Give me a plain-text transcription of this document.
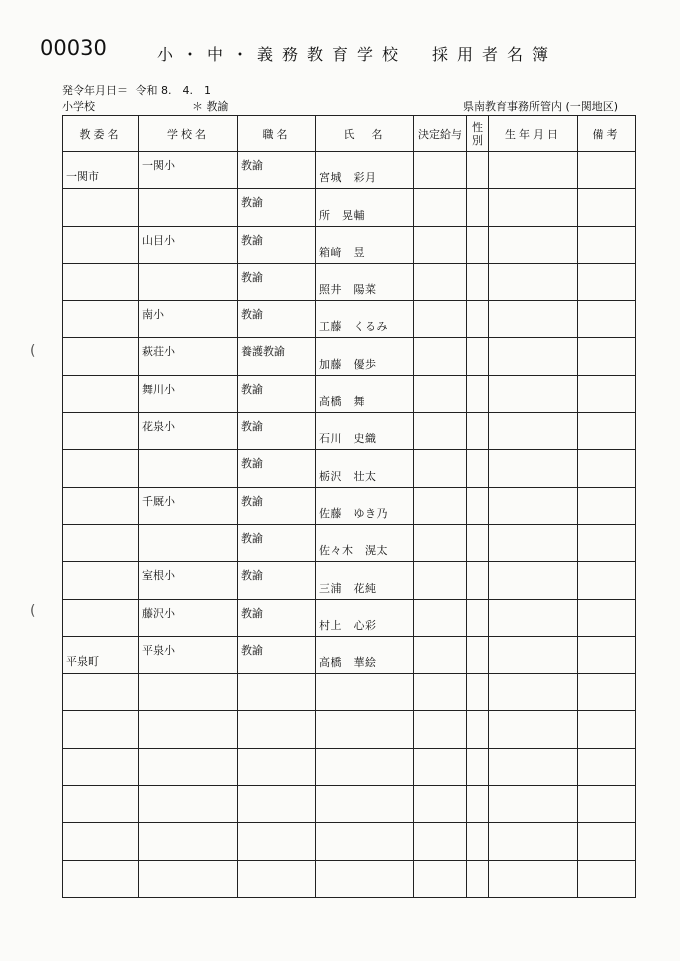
00030	小・中・義務教育学校　採用者名簿
発令年月日＝ 令和 8.　4.　1
小学校	＊ 教諭	県南教育事務所管内 (一関地区)
(
(
教委名	学校名	職名	氏　名	決定給与	性別	生年月日	備考

一関市	一関小	教諭	宮城　彩月				

		教諭	所　晃輔				

	山目小	教諭	箱﨑　昱				

		教諭	照井　陽菜				

	南小	教諭	工藤　くるみ				

	萩荘小	養護教諭	加藤　優歩				

	舞川小	教諭	高橋　舞				

	花泉小	教諭	石川　史織				

		教諭	栃沢　壮太				

	千厩小	教諭	佐藤　ゆき乃				

		教諭	佐々木　滉太				

	室根小	教諭	三浦　花純				

	藤沢小	教諭	村上　心彩				

平泉町	平泉小	教諭	高橋　華絵				
